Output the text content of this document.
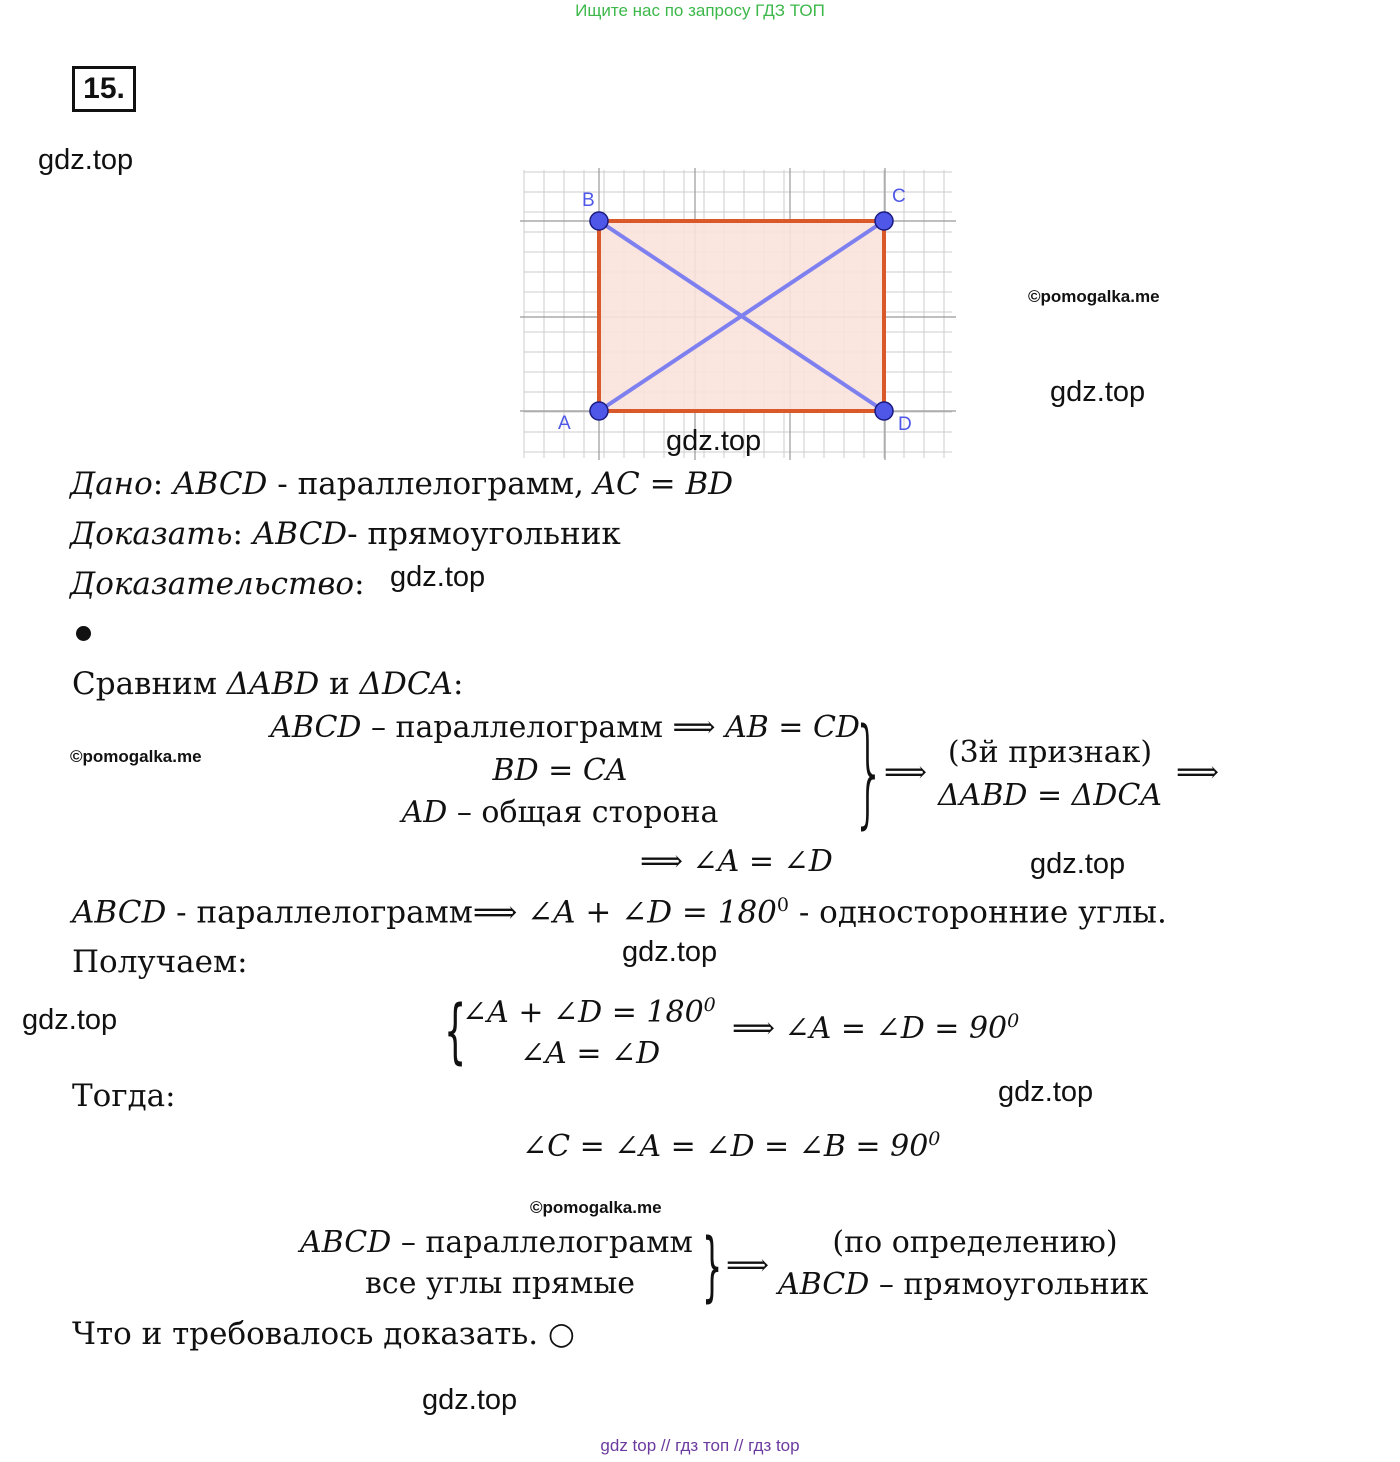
Ищите нас по запросу ГДЗ ТОП
15.
gdz.top
A
B	C
D
©pomogalka.me
gdz.top
gdz.top
Дано: ABCD - параллелограмм, AC = BD
Доказать: ABCD- прямоугольник
Доказательство: gdz.top
Сравним ΔABD и ΔDCA:
©pomogalka.me
ABCD – параллелограмм ⟹ AB = CD
BD = CA
AD – общая сторона	}
⟹
(3й признак)
ΔABD = ΔDCA
⟹
⟹ ∠A = ∠D	gdz.top
ABCD - параллелограмм⟹ ∠A + ∠D = $180^0$ - односторонние углы.
gdz.top
Получаем:
gdz.top	{
∠A + ∠D = $180^0$
∠A = ∠D
⟹ ∠A = ∠D = $90^0$
Тогда:	gdz.top
∠C = ∠A = ∠D = ∠B = $90^0$
©pomogalka.me
ABCD – параллелограмм
все углы прямые } ⟹
(по определению)
ABCD – прямоугольник
Что и требовалось доказать. ○
gdz.top
gdz top // гдз топ // гдз top
